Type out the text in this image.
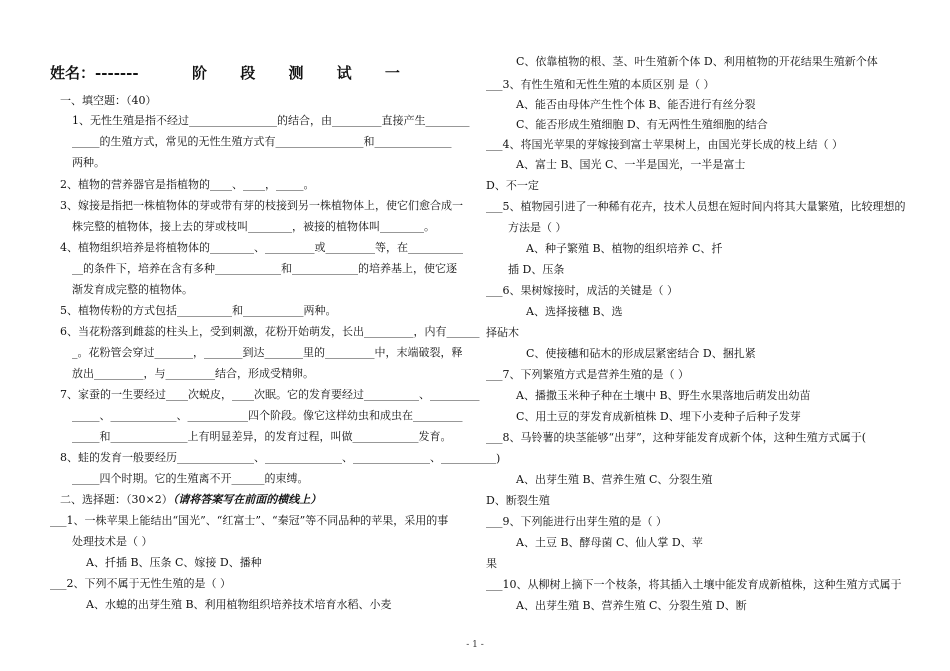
姓名：-------	阶 段 测 试 一
一、填空题：（40）
1、无性生殖是指不经过________________的结合，由_________直接产生________
_____的生殖方式，常见的无性生殖方式有________________和______________
两种。
2、植物的营养器官是指植物的____、____，_____。
3、嫁接是指把一株植物体的芽或带有芽的枝接到另一株植物体上，使它们愈合成一
株完整的植物体，接上去的芽或枝叫________，被接的植物体叫________。
4、植物组织培养是将植物体的________、_________或_________等，在__________
__的条件下，培养在含有多种____________和____________的培养基上，使它逐
渐发育成完整的植物体。
5、植物传粉的方式包括__________和___________两种。
6、当花粉落到雌蕊的柱头上，受到刺激，花粉开始萌发，长出_________，内有______
_。花粉管会穿过_______，_______到达_______里的_________中，末端破裂，释
放出_________，与_________结合，形成受精卵。
7、家蚕的一生要经过____次蜕皮，____次眠。它的发育要经过__________、_________
_____、____________、___________四个阶段。像它这样幼虫和成虫在_________
_____和______________上有明显差异，的发育过程，叫做____________发育。
8、蛙的发育一般要经历______________、______________、______________、__________
_____四个时期。它的生殖离不开______的束缚。
二、选择题：（30×2）（请将答案写在前面的横线上）
___1、一株苹果上能结出“国光”、“红富士”、“秦冠”等不同品种的苹果，采用的事
处理技术是（ ）
A、扦插 B、压条 C、嫁接 D、播种
___2、下列不属于无性生殖的是（ ）
A、水螅的出芽生殖 B、利用植物组织培养技术培育水稻、小麦
C、依靠植物的根、茎、叶生殖新个体 D、利用植物的开花结果生殖新个体
___3、有性生殖和无性生殖的本质区别 是（ ）
A、能否由母体产生性个体 B、能否进行有丝分裂
C、能否形成生殖细胞 D、有无两性生殖细胞的结合
___4、将国光苹果的芽嫁接到富士苹果树上，由国光芽长成的枝上结（ ）
A、富士 B、国光 C、一半是国光，一半是富士
D、不一定
___5、植物园引进了一种稀有花卉，技术人员想在短时间内将其大量繁殖，比较理想的
方法是（ ）
A、种子繁殖 B、植物的组织培养 C、扦
插 D、压条
___6、果树嫁接时，成活的关键是（ ）
A、选择接穗 B、选
择砧木
C、使接穗和砧木的形成层紧密结合 D、捆扎紧
___7、下列繁殖方式是营养生殖的是（ ）
A、播撒玉米种子种在土壤中 B、野生水果落地后萌发出幼苗
C、用土豆的芽发育成新植株 D、埋下小麦种子后种子发芽
___8、马铃薯的块茎能够“出芽”，这种芽能发育成新个体，这种生殖方式属于(
)
A、出芽生殖 B、营养生殖 C、分裂生殖
D、断裂生殖
___9、下列能进行出芽生殖的是（ ）
A、土豆 B、酵母菌 C、仙人掌 D、苹
果
___10、从柳树上摘下一个枝条，将其插入土壤中能发育成新植株，这种生殖方式属于
A、出芽生殖 B、营养生殖 C、分裂生殖 D、断
- 1 -
